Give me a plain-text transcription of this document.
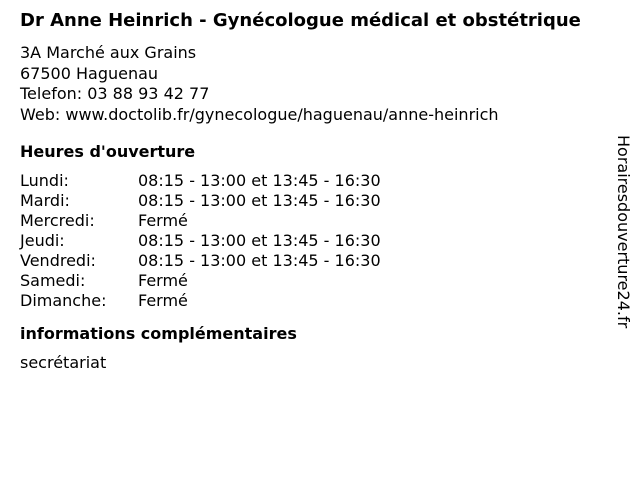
Dr Anne Heinrich - Gynécologue médical et obstétrique
3A Marché aux Grains
67500 Haguenau
Telefon: 03 88 93 42 77
Web: www.doctolib.fr/gynecologue/haguenau/anne-heinrich
Heures d'ouverture
Lundi:	08:15 - 13:00 et 13:45 - 16:30
Mardi:	08:15 - 13:00 et 13:45 - 16:30
Mercredi:	Fermé
Jeudi:	08:15 - 13:00 et 13:45 - 16:30
Vendredi:	08:15 - 13:00 et 13:45 - 16:30
Samedi:	Fermé
Dimanche:	Fermé
informations complémentaires
secrétariat
Horairesdouverture24.fr
